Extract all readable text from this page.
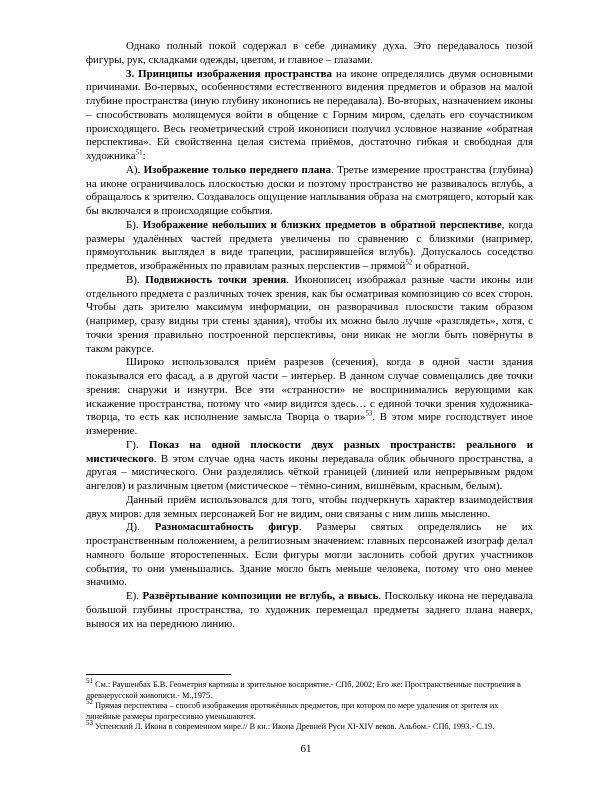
Однако полный покой содержал в себе динамику духа. Это передавалось позой фигуры, рук, складками одежды, цветом, и главное – глазами.

3. Принципы изображения пространства на иконе определялись двумя основными причинами. Во-первых, особенностями естественного видения предметов и образов на малой глубине пространства (иную глубину иконопись не передавала). Во-вторых, назначением иконы – способствовать молящемуся войти в общение с Горним миром, сделать его соучастником происходящего. Весь геометрический строй иконописи получил условное название «обратная перспектива». Ей свойственна целая система приёмов, достаточно гибкая и свободная для художника$^{51}$:

А). Изображение только переднего плана. Третье измерение пространства (глубина) на иконе ограничивалось плоскостью доски и поэтому пространство не развивалось вглубь, а обращалось к зрителю. Создавалось ощущение наплывания образа на смотрящего, который как бы включался в происходящие события.

Б). Изображение небольших и близких предметов в обратной перспективе, когда размеры удалённых частей предмета увеличены по сравнению с близкими (например, прямоугольник выглядел в виде трапеции, расширявшейся вглубь). Допускалось соседство предметов, изображённых по правилам разных перспектив – прямой$^{52}$ и обратной.

В). Подвижность точки зрения. Иконописец изображал разные части иконы или отдельного предмета с различных точек зрения, как бы осматривая композицию со всех сторон. Чтобы дать зрителю максимум информации, он разворачивал плоскости таким образом (например, сразу видны три стены здания), чтобы их можно было лучше «разглядеть», хотя, с точки зрения правильно построенной перспективы, они никак не могли быть повёрнуты в таком ракурсе.

Широко использовался приём разрезов (сечения), когда в одной части здания показывался его фасад, а в другой части – интерьер. В данном случае совмещались две точки зрения: снаружи и изнутри. Все эти «странности» не воспринимались верующими как искажение пространства, потому что «мир видится здесь… с единой точки зрения художника-творца, то есть как исполнение замысла Творца о твари»$^{53}$. В этом мире господствует иное измерение.

Г). Показ на одной плоскости двух разных пространств: реального и мистического. В этом случае одна часть иконы передавала облик обычного пространства, а другая – мистического. Они разделялись чёткой границей (линией или непрерывным рядом ангелов) и различным цветом (мистическое – тёмно-синим, вишнёвым, красным, белым).

Данный приём использовался для того, чтобы подчеркнуть характер взаимодействия двух миров: для земных персонажей Бог не видим, они связаны с ним лишь мысленно.

Д). Разномасштабность фигур. Размеры святых определялись не их пространственным положением, а религиозным значением: главных персонажей изограф делал намного больше второстепенных. Если фигуры могли заслонить собой других участников события, то они уменьшались. Здание могло быть меньше человека, потому что оно менее значимо.

Е). Развёртывание композиции не вглубь, а ввысь. Поскольку икона не передавала большой глубины пространства, то художник перемещал предметы заднего плана наверх, вынося их на переднюю линию.

$^{51}$ См.: Раушенбах Б.В. Геометрия картины и зрительное восприятие.- СПб, 2002; Его же: Пространственные построения в древнерусской живописи.- М.,1975.

$^{52}$ Прямая перспектива – способ изображения протяжённых предметов, при котором по мере удаления от зрителя их линейные размеры прогрессивно уменьшаются.

$^{53}$ Успенский Л. Икона в современном мире.// В кн.: Икона Древней Руси XI-XIV веков. Альбом.- СПб, 1993.- С.19.

61
